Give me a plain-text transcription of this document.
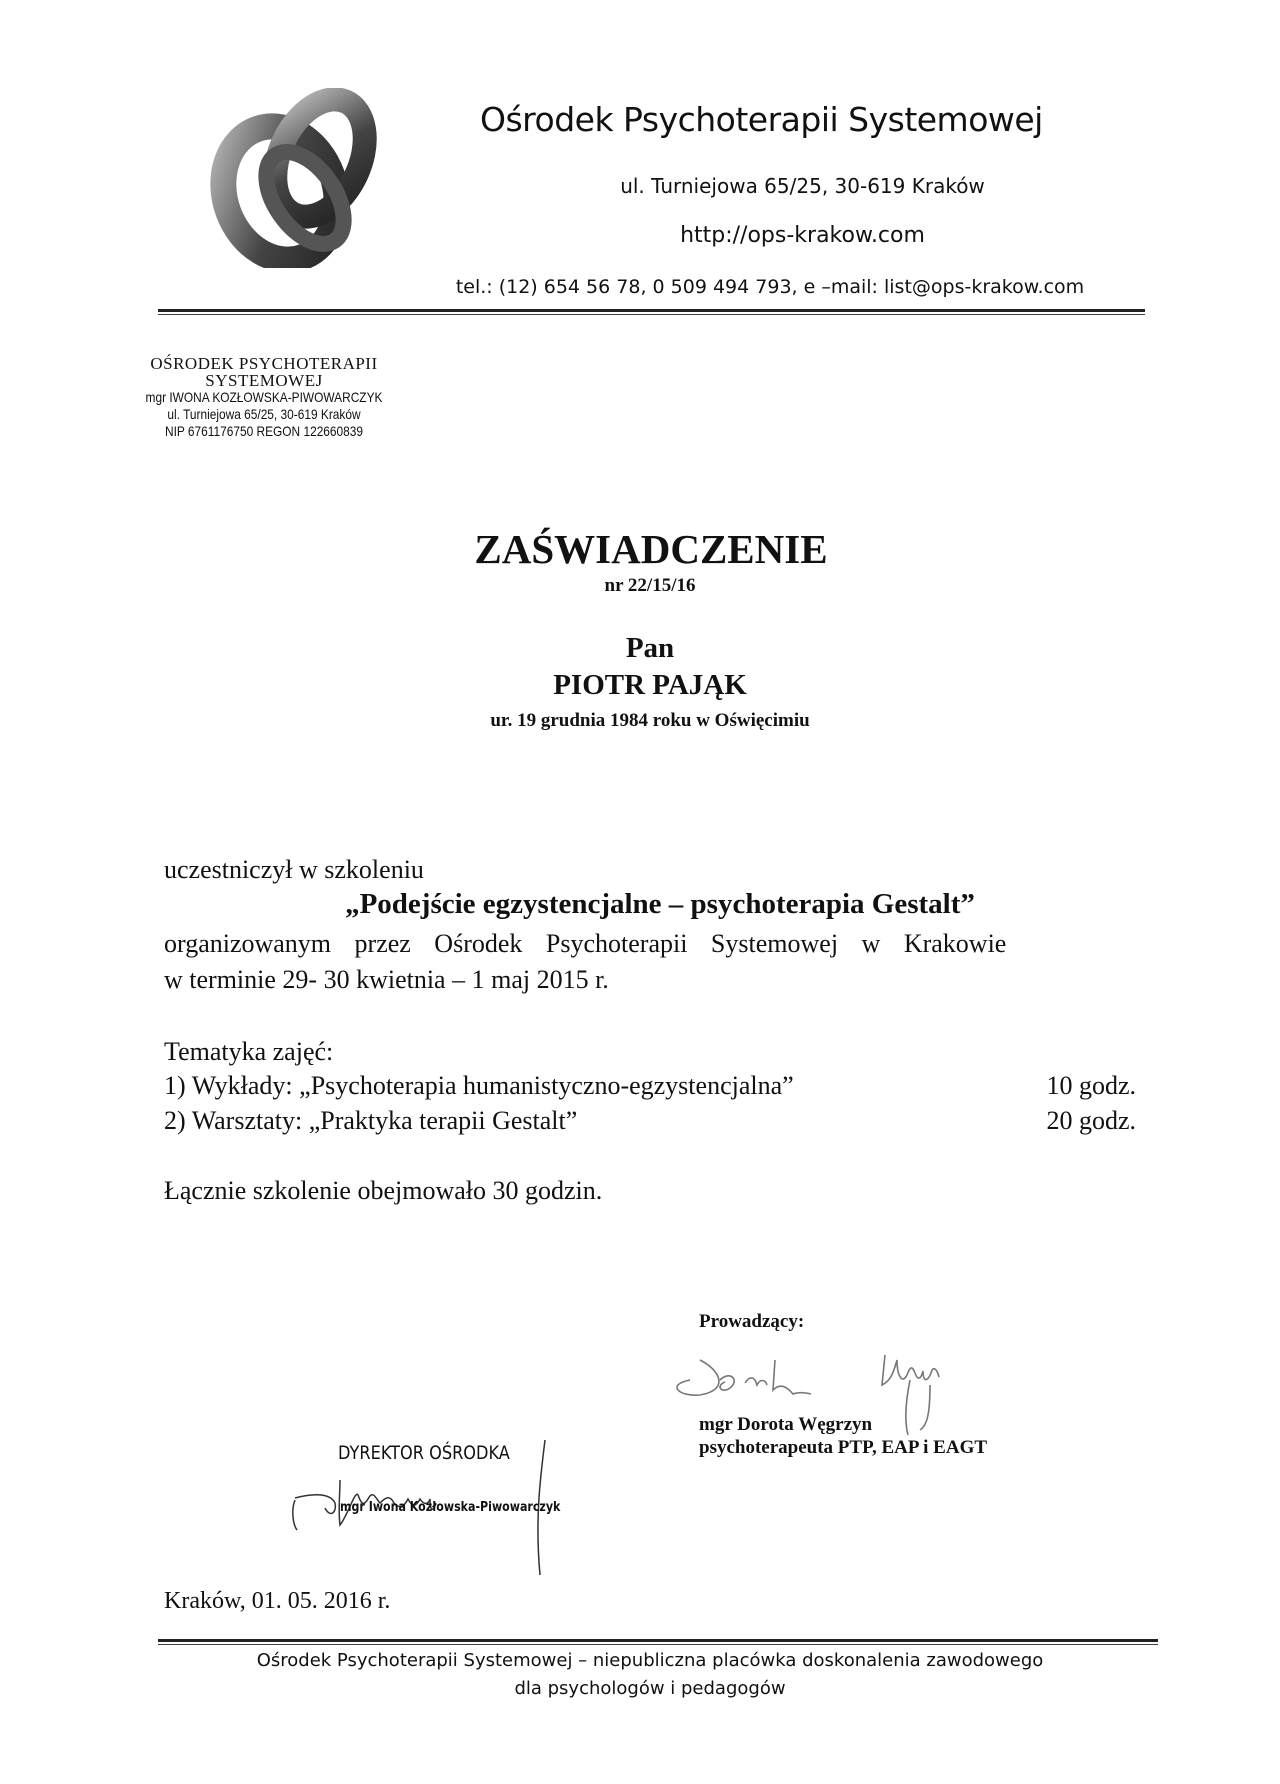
Ośrodek Psychoterapii Systemowej
ul. Turniejowa 65/25, 30-619 Kraków
http://ops-krakow.com
tel.: (12) 654 56 78, 0 509 494 793, e –mail: list@ops-krakow.com
OŚRODEK PSYCHOTERAPII
SYSTEMOWEJ
mgr IWONA KOZŁOWSKA-PIWOWARCZYK
ul. Turniejowa 65/25, 30-619 Kraków
NIP 6761176750 REGON 122660839
ZAŚWIADCZENIE
nr 22/15/16
Pan
PIOTR PAJĄK
ur. 19 grudnia 1984 roku w Oświęcimiu
uczestniczył w szkoleniu
„Podejście egzystencjalne – psychoterapia Gestalt”
organizowanym przez Ośrodek Psychoterapii Systemowej w Krakowie
w terminie 29- 30 kwietnia – 1 maj 2015 r.
Tematyka zajęć:
1) Wykłady: „Psychoterapia humanistyczno-egzystencjalna”	10 godz.
2) Warsztaty: „Praktyka terapii Gestalt”	20 godz.
Łącznie szkolenie obejmowało 30 godzin.
Prowadzący:
mgr Dorota Węgrzyn
psychoterapeuta PTP, EAP i EAGT
DYREKTOR OŚRODKA
mgr Iwona Kozłowska-Piwowarczyk
Kraków, 01. 05. 2016 r.
Ośrodek Psychoterapii Systemowej – niepubliczna placówka doskonalenia zawodowego
dla psychologów i pedagogów
